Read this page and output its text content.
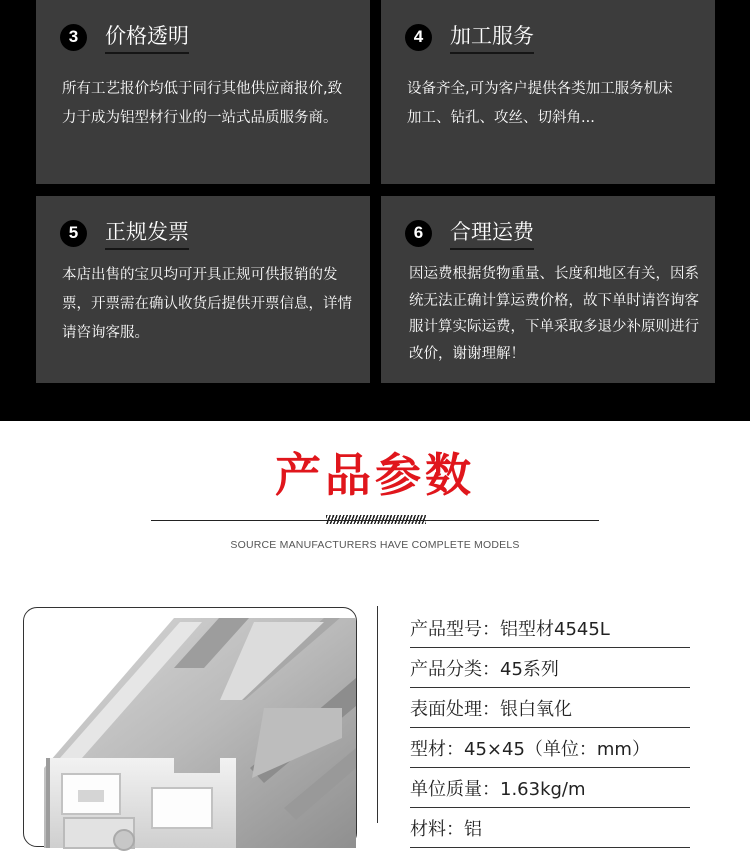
3	价格透明
所有工艺报价均低于同行其他供应商报价,致力于成为铝型材行业的一站式品质服务商。
4	加工服务
设备齐全,可为客户提供各类加工服务机床加工、钻孔、攻丝、切斜角...
5	正规发票
本店出售的宝贝均可开具正规可供报销的发票，开票需在确认收货后提供开票信息，详情请咨询客服。
6	合理运费
因运费根据货物重量、长度和地区有关，因系统无法正确计算运费价格，故下单时请咨询客服计算实际运费，下单采取多退少补原则进行改价，谢谢理解！
产品参数
SOURCE MANUFACTURERS HAVE COMPLETE MODELS
产品型号：铝型材4545L
产品分类：45系列
表面处理：银白氧化
型材：45×45（单位：mm）
单位质量：1.63kg/m
材料：铝
